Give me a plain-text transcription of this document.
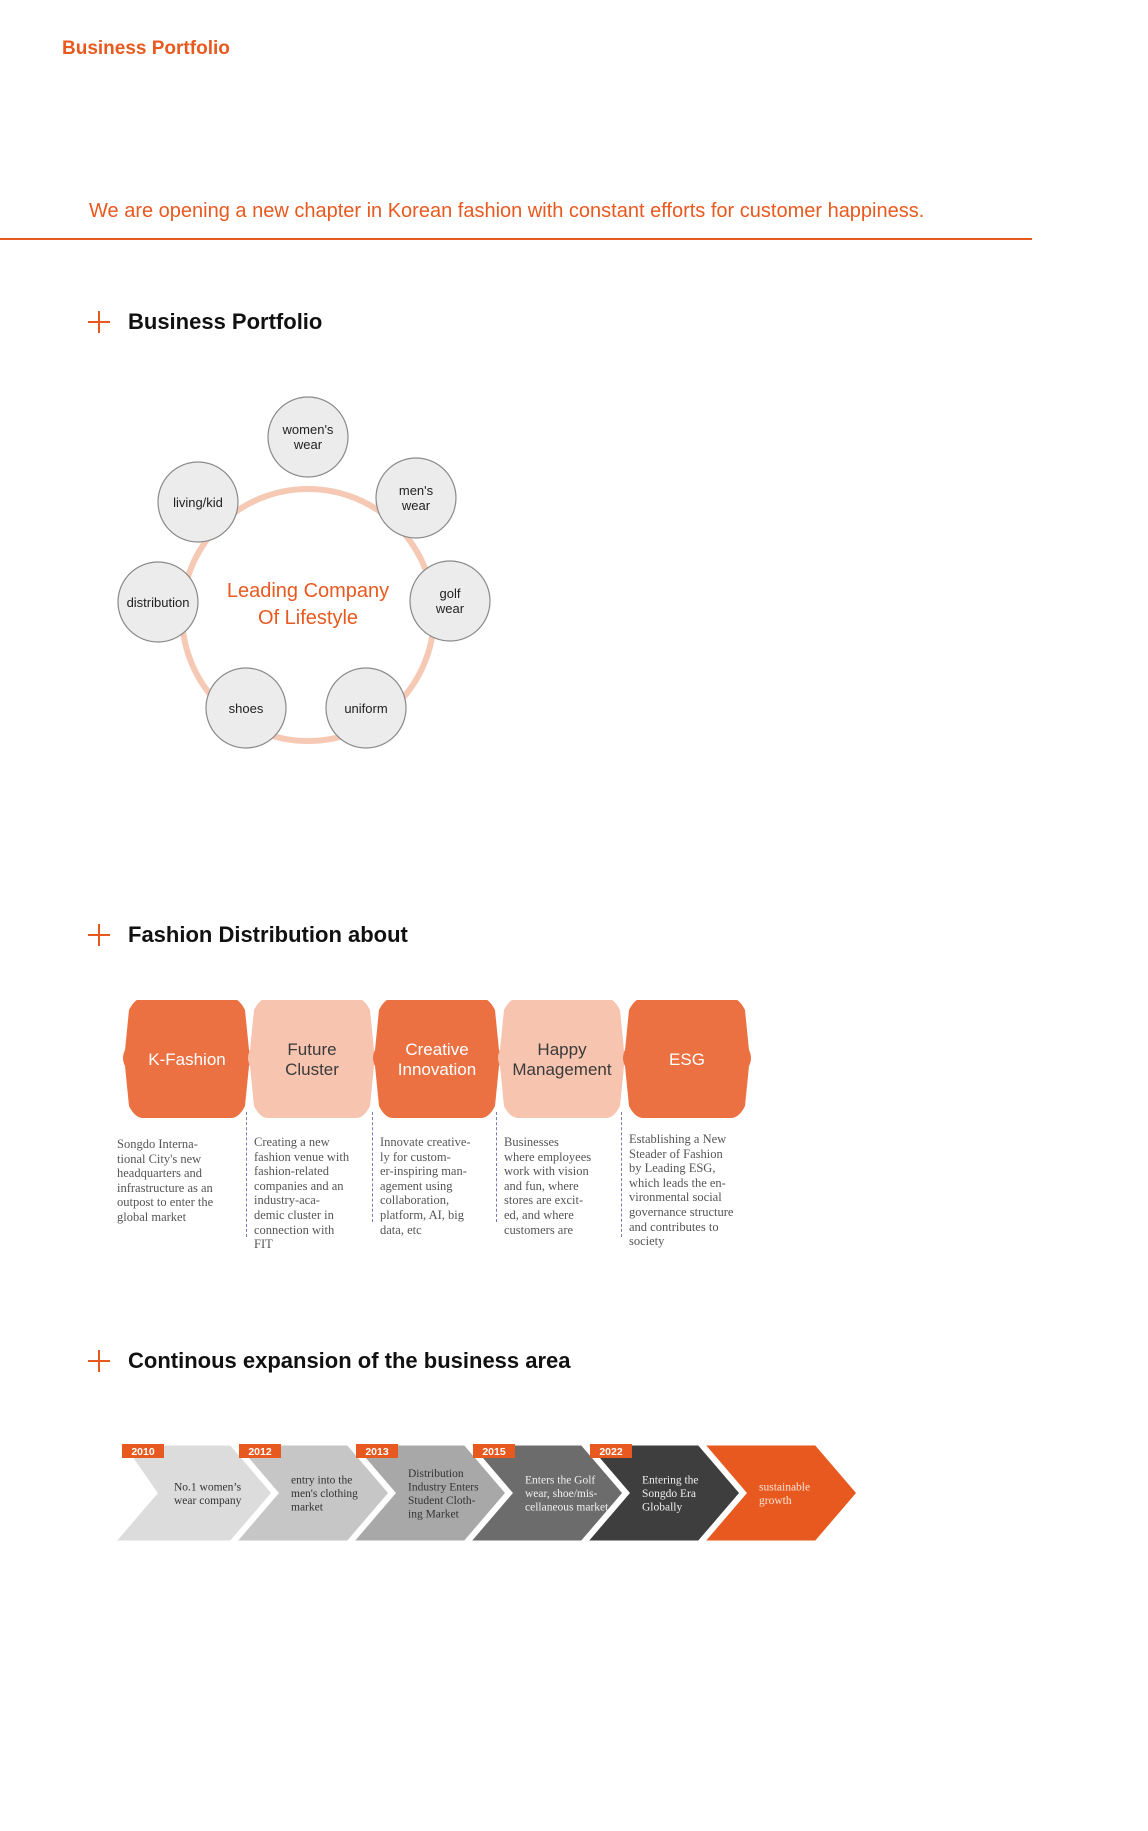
Business Portfolio
We are opening a new chapter in Korean fashion with constant efforts for customer happiness.
Business Portfolio
Leading Company
Of Lifestyle
women's
wear
men's
wear
golf
wear
uniform
shoes
distribution
living/kid
Fashion Distribution about
K-Fashion
Future
Cluster
Creative
Innovation
Happy
Management
ESG
Songdo Interna-
tional City's new
headquarters and
infrastructure as an
outpost to enter the
global market
Creating a new
fashion venue with
fashion-related
companies and an
industry-aca-
demic cluster in
connection with
FIT
Innovate creative-
ly for custom-
er-inspiring man-
agement using
collaboration,
platform, AI, big
data, etc
Businesses
where employees
work with vision
and fun, where
stores are excit-
ed, and where
customers are
Establishing a New
Steader of Fashion
by Leading ESG,
which leads the en-
vironmental social
governance structure
and contributes to
society
Continous expansion of the business area
2010
No.1 women’s
wear company
2012
entry into the
men's clothing
market
2013
Distribution
Industry Enters
Student Cloth-
ing Market
2015
Enters the Golf
wear, shoe/mis-
cellaneous market
2022
Entering the
Songdo Era
Globally
sustainable
growth
